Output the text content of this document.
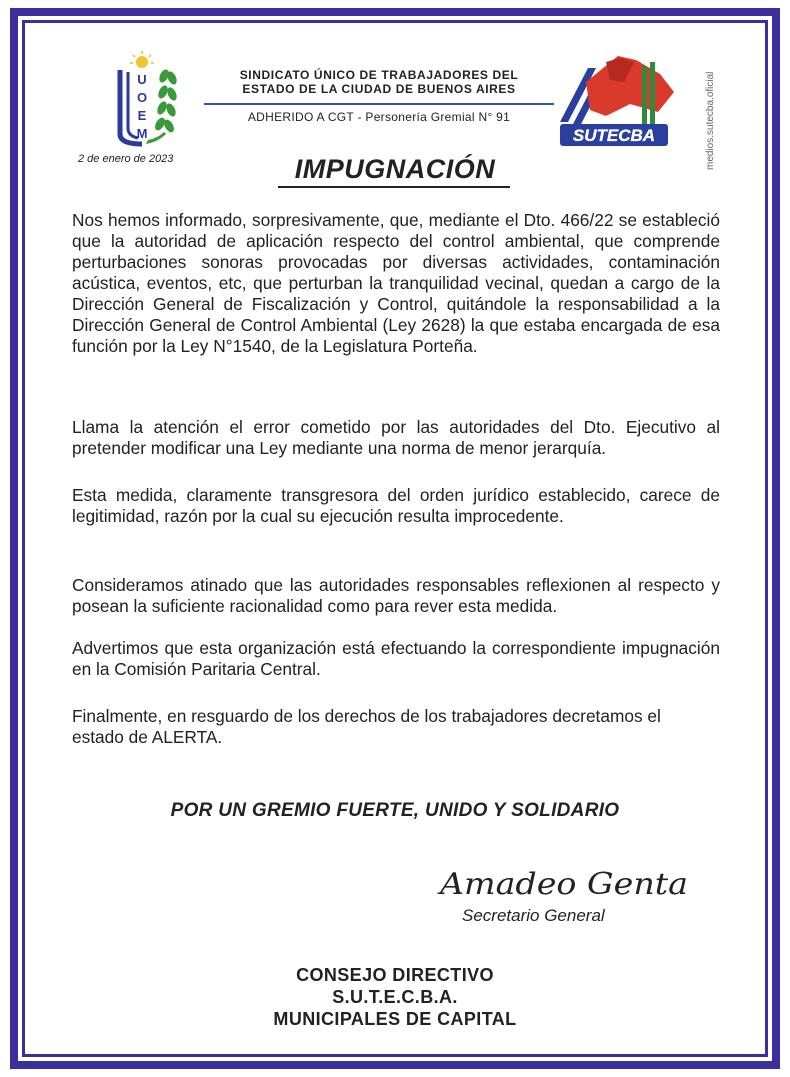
U
O
E
M
2 de enero de 2023
SINDICATO ÚNICO DE TRABAJADORES DEL
ESTADO DE LA CIUDAD DE BUENOS AIRES
ADHERIDO A CGT - Personería Gremial N° 91
SUTECBA	medios.sutecba.oficial
IMPUGNACIÓN

Nos hemos informado, sorpresivamente, que, mediante el Dto. 466/22 se estableció que la autoridad de aplicación respecto del control ambiental, que comprende perturbaciones sonoras provocadas por diversas actividades, contaminación acústica, eventos, etc, que perturban la tranquilidad vecinal, quedan a cargo de la Dirección General de Fiscalización y Control, quitándole la responsabilidad a la Dirección General de Control Ambiental (Ley 2628) la que estaba encargada de esa función por la Ley N°1540, de la Legislatura Porteña.

Llama la atención el error cometido por las autoridades del Dto. Ejecutivo al pretender modificar una Ley mediante una norma de menor jerarquía.

Esta medida, claramente transgresora del orden jurídico establecido, carece de legitimidad, razón por la cual su ejecución resulta improcedente.

Consideramos atinado que las autoridades responsables reflexionen al respecto y posean la suficiente racionalidad como para rever esta medida.

Advertimos que esta organización está efectuando la correspondiente impugnación en la Comisión Paritaria Central.

Finalmente, en resguardo de los derechos de los trabajadores decretamos el estado de ALERTA.

POR UN GREMIO FUERTE, UNIDO Y SOLIDARIO
Amadeo Genta
Secretario General
CONSEJO DIRECTIVO
S.U.T.E.C.B.A.
MUNICIPALES DE CAPITAL
